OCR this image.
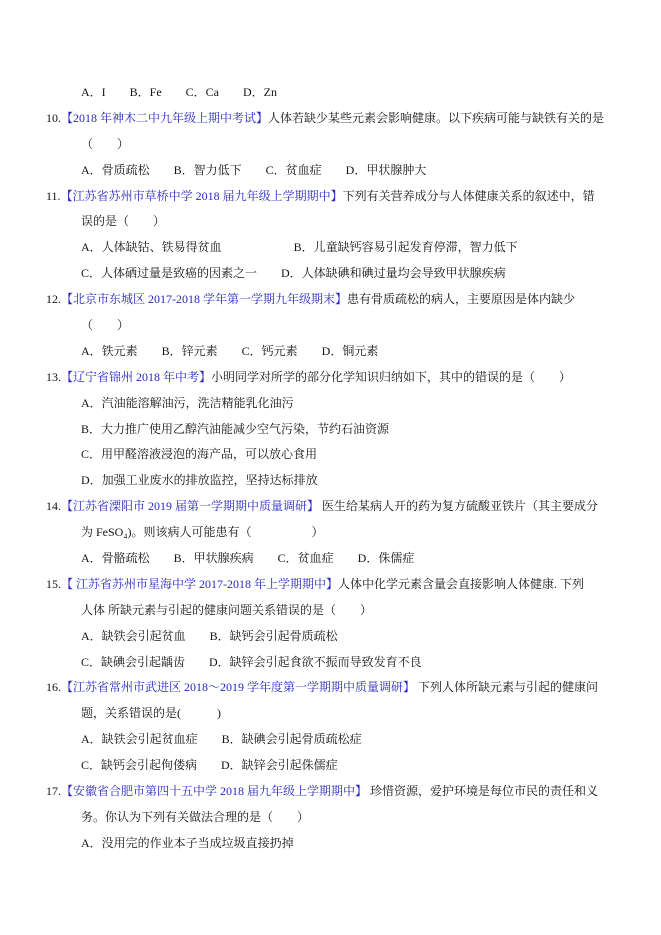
A．I　　B．Fe　　C．Ca　　D．Zn
10.【2018 年神木二中九年级上期中考试】人体若缺少某些元素会影响健康。以下疾病可能与缺铁有关的是
（　　）
A．骨质疏松　　B．智力低下　　C．贫血症　　D．甲状腺肿大
11.【江苏省苏州市草桥中学 2018 届九年级上学期期中】下列有关营养成分与人体健康关系的叙述中，错
误的是（　　）
A．人体缺钴、铁易得贫血　　　　　　B．儿童缺钙容易引起发育停滞，智力低下
C．人体硒过量是致癌的因素之一　　D．人体缺碘和碘过量均会导致甲状腺疾病
12.【北京市东城区 2017-2018 学年第一学期九年级期末】患有骨质疏松的病人，主要原因是体内缺少
（　　）
A．铁元素　　B．锌元素　　C．钙元素　　D．铜元素
13.【辽宁省锦州 2018 年中考】小明同学对所学的部分化学知识归纳如下，其中的错误的是（　　）
A．汽油能溶解油污，洗洁精能乳化油污
B．大力推广使用乙醇汽油能减少空气污染，节约石油资源
C．用甲醛溶液浸泡的海产品，可以放心食用
D．加强工业废水的排放监控，坚持达标排放
14.【江苏省溧阳市 2019 届第一学期期中质量调研】 医生给某病人开的药为复方硫酸亚铁片（其主要成分
为 FeSO₄)。则该病人可能患有（　　　　　）
A．骨骼疏松　　B．甲状腺疾病　　C．贫血症　　D．侏儒症
15.【 江苏省苏州市星海中学 2017-2018 年上学期期中】人体中化学元素含量会直接影响人体健康. 下列
人体 所缺元素与引起的健康问题关系错误的是（　　）
A．缺铁会引起贫血　　B．缺钙会引起骨质疏松
C．缺碘会引起龋齿　　D．缺锌会引起食欲不振而导致发育不良
16.【江苏省常州市武进区 2018～2019 学年度第一学期期中质量调研】 下列人体所缺元素与引起的健康问
题，关系错误的是(　　　)
A．缺铁会引起贫血症　　B．缺碘会引起骨质疏松症
C．缺钙会引起佝偻病　　D．缺锌会引起侏儒症
17.【安徽省合肥市第四十五中学 2018 届九年级上学期期中】 珍惜资源，爱护环境是每位市民的责任和义
务。你认为下列有关做法合理的是（　　）
A．没用完的作业本子当成垃圾直接扔掉
